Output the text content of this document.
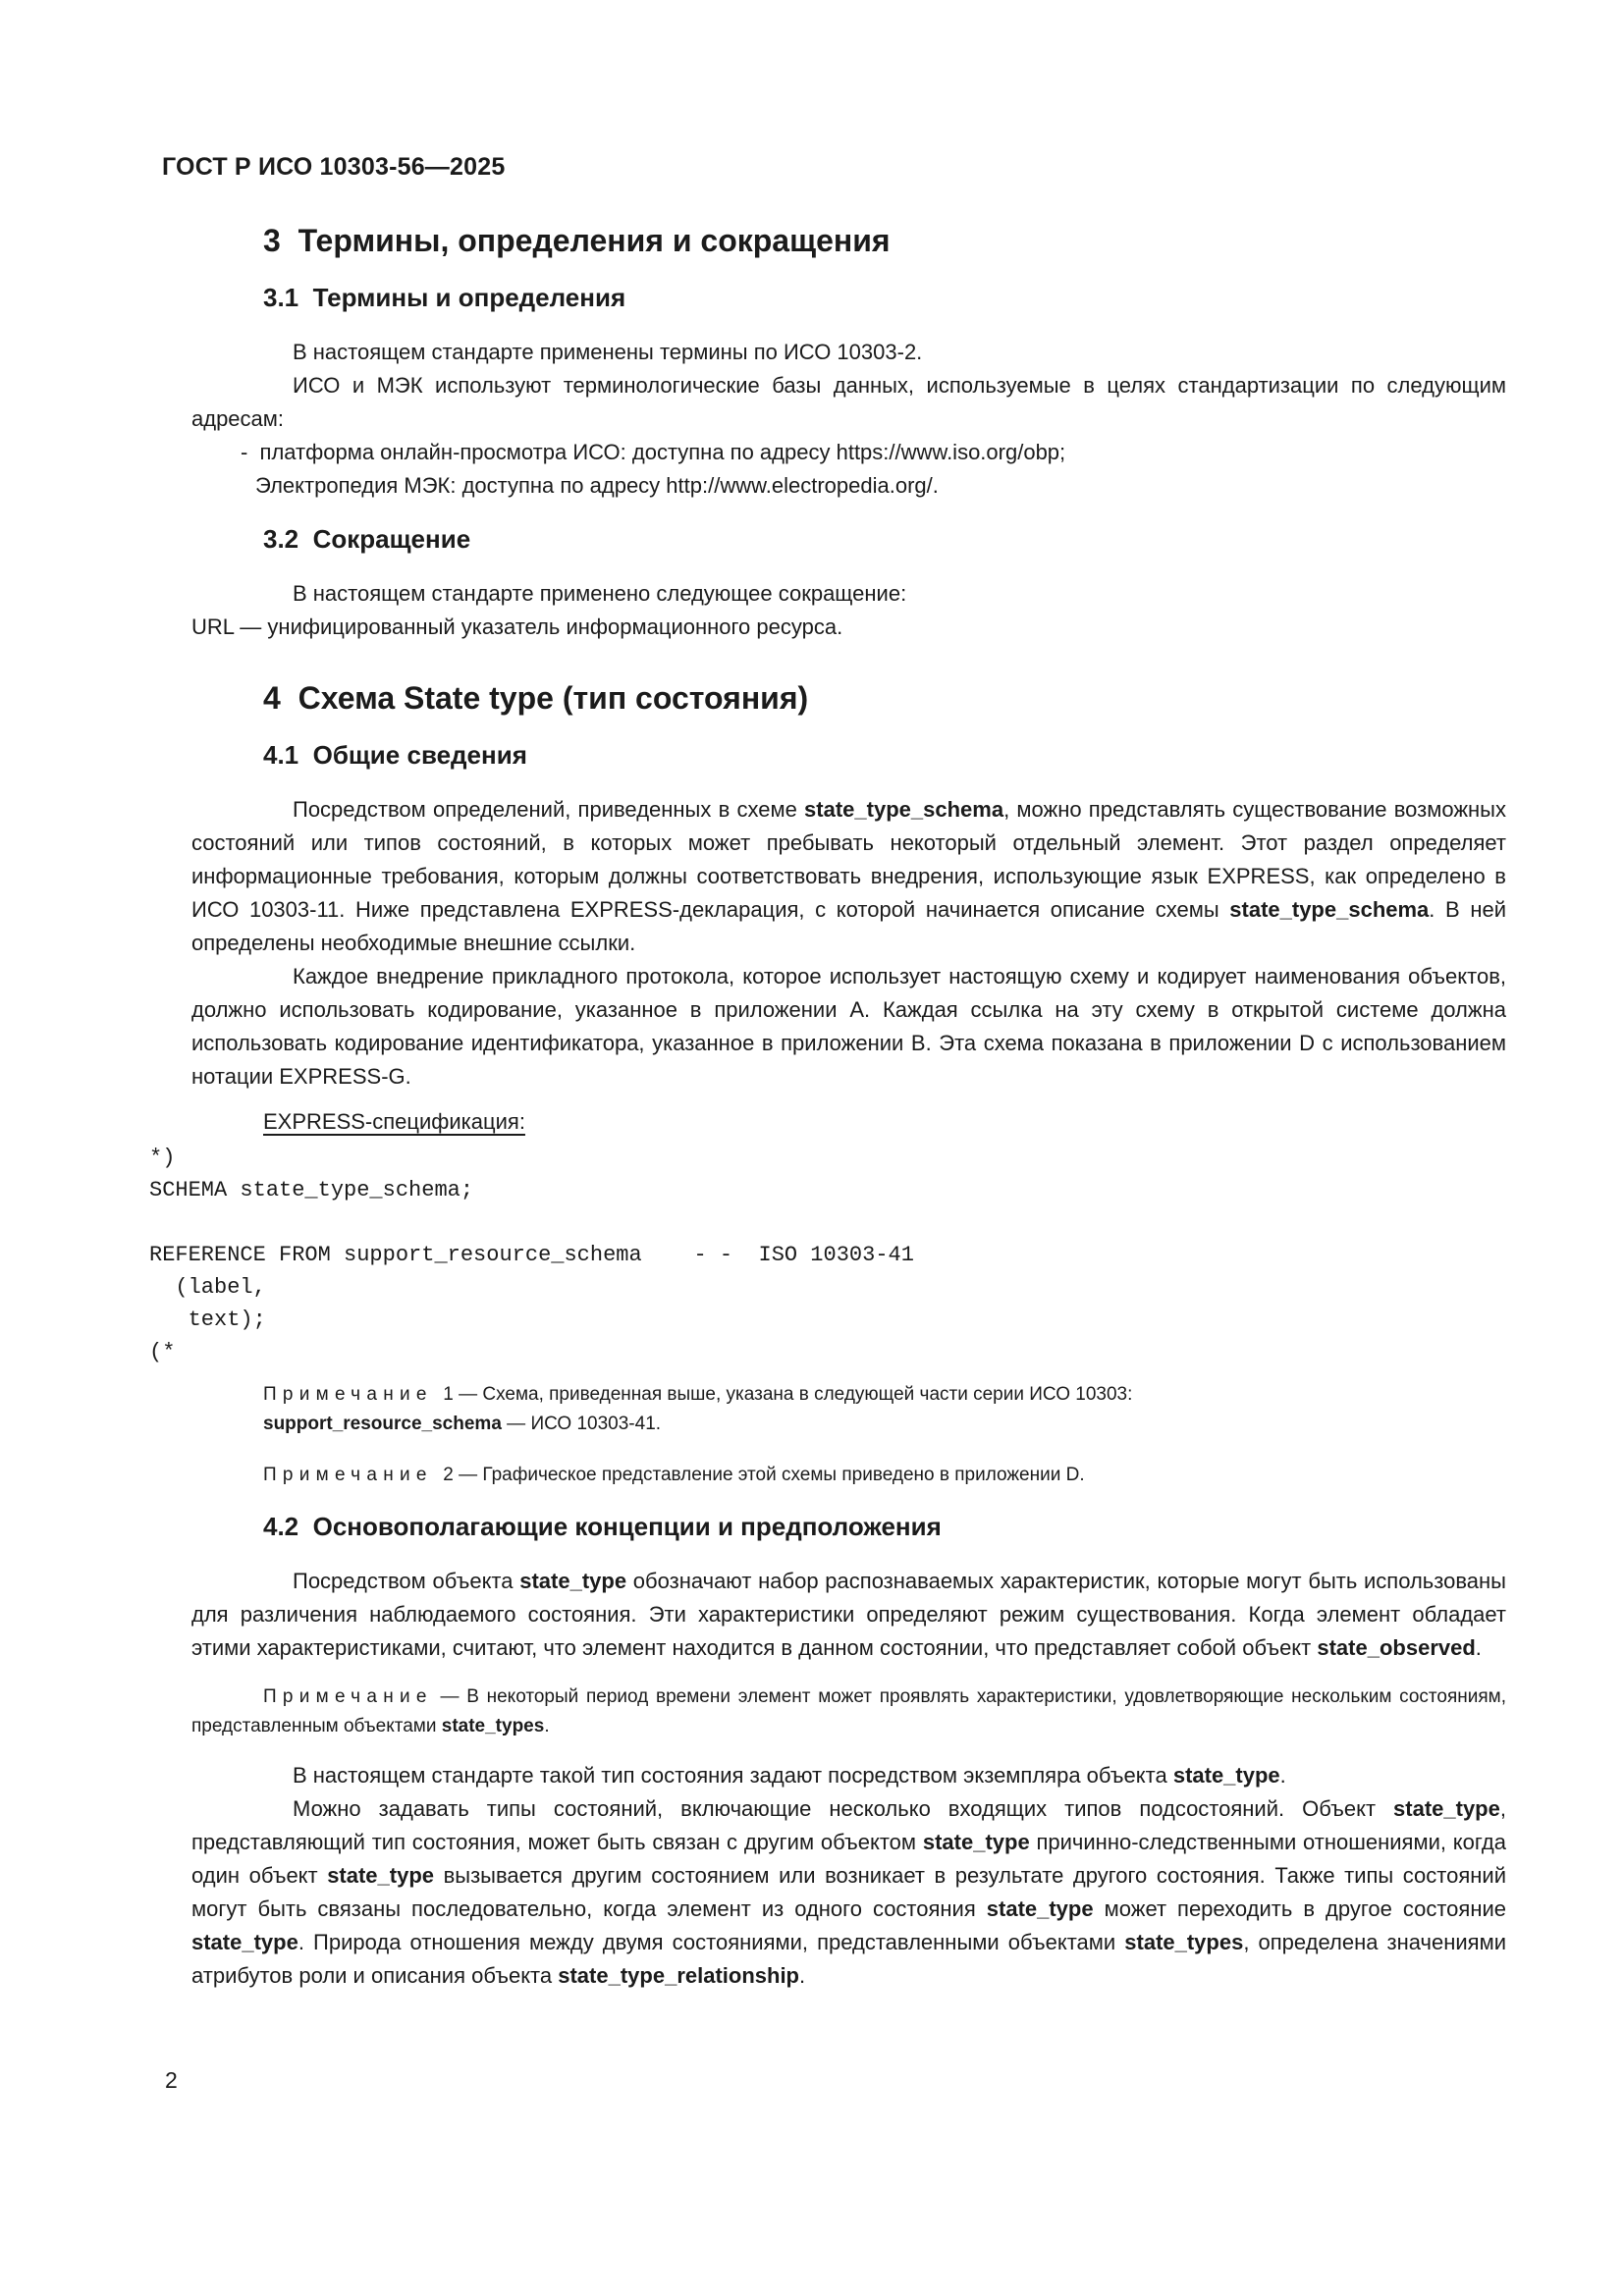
ГОСТ Р ИСО 10303-56—2025
3  Термины, определения и сокращения
3.1  Термины и определения
В настоящем стандарте применены термины по ИСО 10303-2.
ИСО и МЭК используют терминологические базы данных, используемые в целях стандартизации по следующим адресам:
-  платформа онлайн-просмотра ИСО: доступна по адресу https://www.iso.org/obp;
Электропедия МЭК: доступна по адресу http://www.electropedia.org/.
3.2  Сокращение
В настоящем стандарте применено следующее сокращение:
URL — унифицированный указатель информационного ресурса.
4  Схема State type (тип состояния)
4.1  Общие сведения
Посредством определений, приведенных в схеме state_type_schema, можно представлять существование возможных состояний или типов состояний, в которых может пребывать некоторый отдельный элемент. Этот раздел определяет информационные требования, которым должны соответствовать внедрения, использующие язык EXPRESS, как определено в ИСО 10303-11. Ниже представлена EXPRESS-декларация, с которой начинается описание схемы state_type_schema. В ней определены необходимые внешние ссылки.
Каждое внедрение прикладного протокола, которое использует настоящую схему и кодирует наименования объектов, должно использовать кодирование, указанное в приложении А. Каждая ссылка на эту схему в открытой системе должна использовать кодирование идентификатора, указанное в приложении В. Эта схема показана в приложении D с использованием нотации EXPRESS-G.
EXPRESS-спецификация:
*)
SCHEMA state_type_schema;

REFERENCE FROM support_resource_schema    - -  ISO 10303-41
(label,
text);
(*
Примечание  1 — Схема, приведенная выше, указана в следующей части серии ИСО 10303:
support_resource_schema — ИСО 10303-41.
Примечание  2 — Графическое представление этой схемы приведено в приложении D.
4.2  Основополагающие концепции и предположения
Посредством объекта state_type обозначают набор распознаваемых характеристик, которые могут быть использованы для различения наблюдаемого состояния. Эти характеристики определяют режим существования. Когда элемент обладает этими характеристиками, считают, что элемент находится в данном состоянии, что представляет собой объект state_observed.
Примечание — В некоторый период времени элемент может проявлять характеристики, удовлетворяющие нескольким состояниям, представленным объектами state_types.
В настоящем стандарте такой тип состояния задают посредством экземпляра объекта state_type.
Можно задавать типы состояний, включающие несколько входящих типов подсостояний. Объект state_type, представляющий тип состояния, может быть связан с другим объектом state_type причинно-следственными отношениями, когда один объект state_type вызывается другим состоянием или возникает в результате другого состояния. Также типы состояний могут быть связаны последовательно, когда элемент из одного состояния state_type может переходить в другое состояние state_type. Природа отношения между двумя состояниями, представленными объектами state_types, определена значениями атрибутов роли и описания объекта state_type_relationship.
2
